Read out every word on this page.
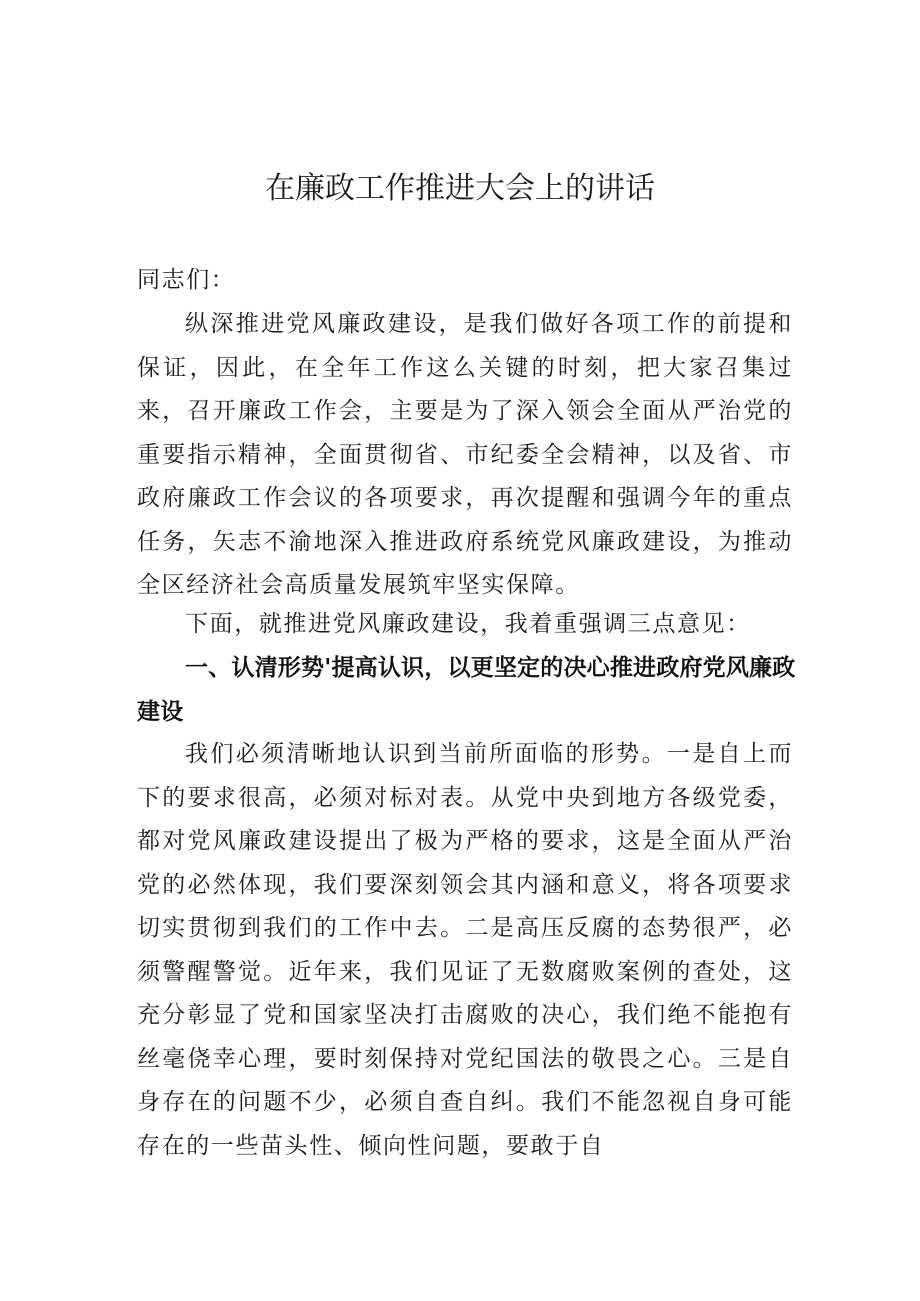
在廉政工作推进大会上的讲话

同志们：

纵深推进党风廉政建设，是我们做好各项工作的前提和保证，因此，在全年工作这么关键的时刻，把大家召集过来，召开廉政工作会，主要是为了深入领会全面从严治党的重要指示精神，全面贯彻省、市纪委全会精神，以及省、市政府廉政工作会议的各项要求，再次提醒和强调今年的重点任务，矢志不渝地深入推进政府系统党风廉政建设，为推动全区经济社会高质量发展筑牢坚实保障。

下面，就推进党风廉政建设，我着重强调三点意见：

一、认清形势'提高认识，以更坚定的决心推进政府党风廉政建设

我们必须清晰地认识到当前所面临的形势。一是自上而下的要求很高，必须对标对表。从党中央到地方各级党委，都对党风廉政建设提出了极为严格的要求，这是全面从严治党的必然体现，我们要深刻领会其内涵和意义，将各项要求切实贯彻到我们的工作中去。二是高压反腐的态势很严，必须警醒警觉。近年来，我们见证了无数腐败案例的查处，这充分彰显了党和国家坚决打击腐败的决心，我们绝不能抱有丝毫侥幸心理，要时刻保持对党纪国法的敬畏之心。三是自身存在的问题不少，必须自查自纠。我们不能忽视自身可能存在的一些苗头性、倾向性问题，要敢于自
